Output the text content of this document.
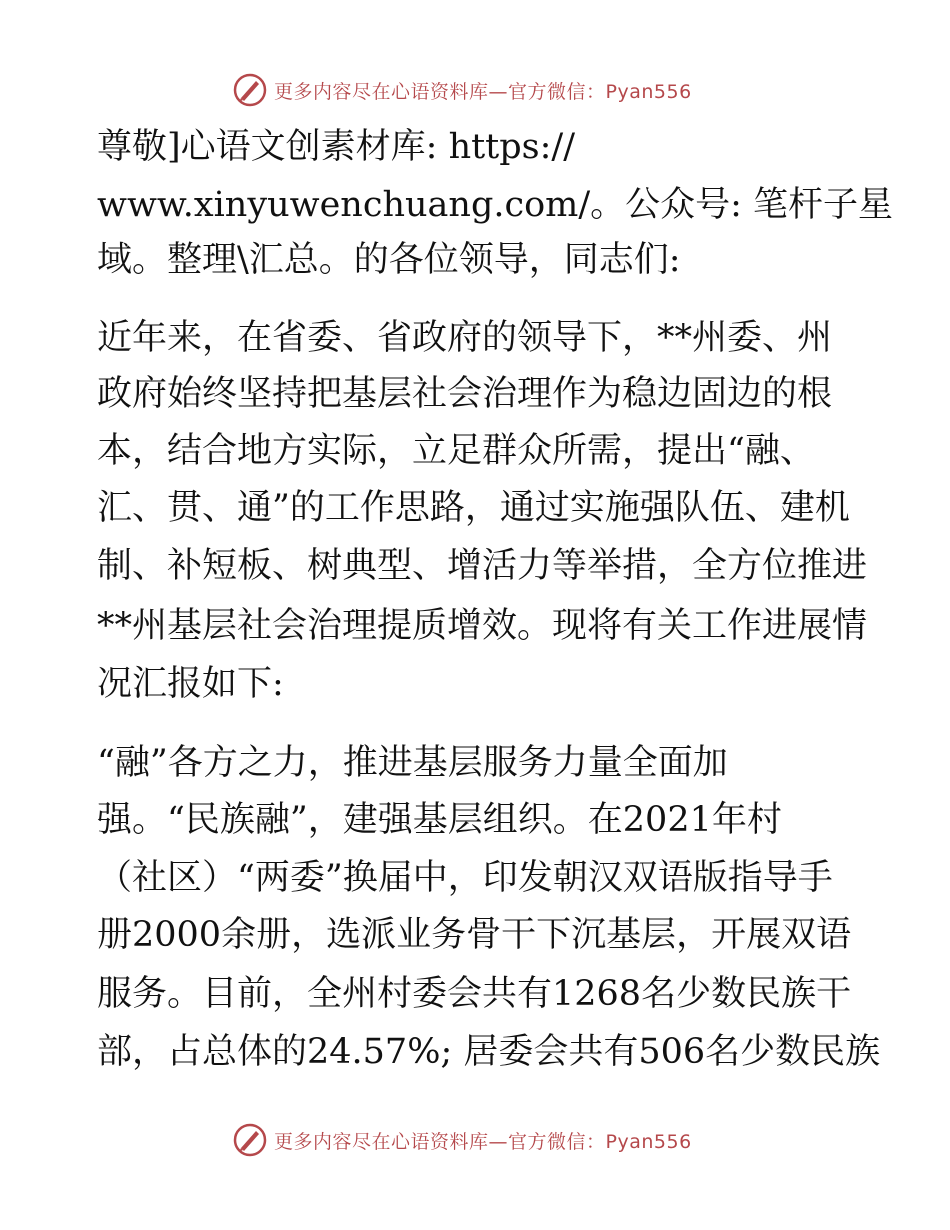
更多内容尽在心语资料库—官方微信：Pyan556
尊敬]心语文创素材库: https://
www.xinyuwenchuang.com/。公众号: 笔杆子星
域。整理\汇总。的各位领导，同志们:
近年来，在省委、省政府的领导下，**州委、州
政府始终坚持把基层社会治理作为稳边固边的根
本，结合地方实际，立足群众所需，提出“融、
汇、贯、通”的工作思路，通过实施强队伍、建机
制、补短板、树典型、增活力等举措，全方位推进
**州基层社会治理提质增效。现将有关工作进展情
况汇报如下:
“融”各方之力，推进基层服务力量全面加
强。“民族融”，建强基层组织。在2021年村
（社区）“两委”换届中，印发朝汉双语版指导手
册2000余册，选派业务骨干下沉基层，开展双语
服务。目前，全州村委会共有1268名少数民族干
部，占总体的24.57%; 居委会共有506名少数民族
更多内容尽在心语资料库—官方微信：Pyan556
